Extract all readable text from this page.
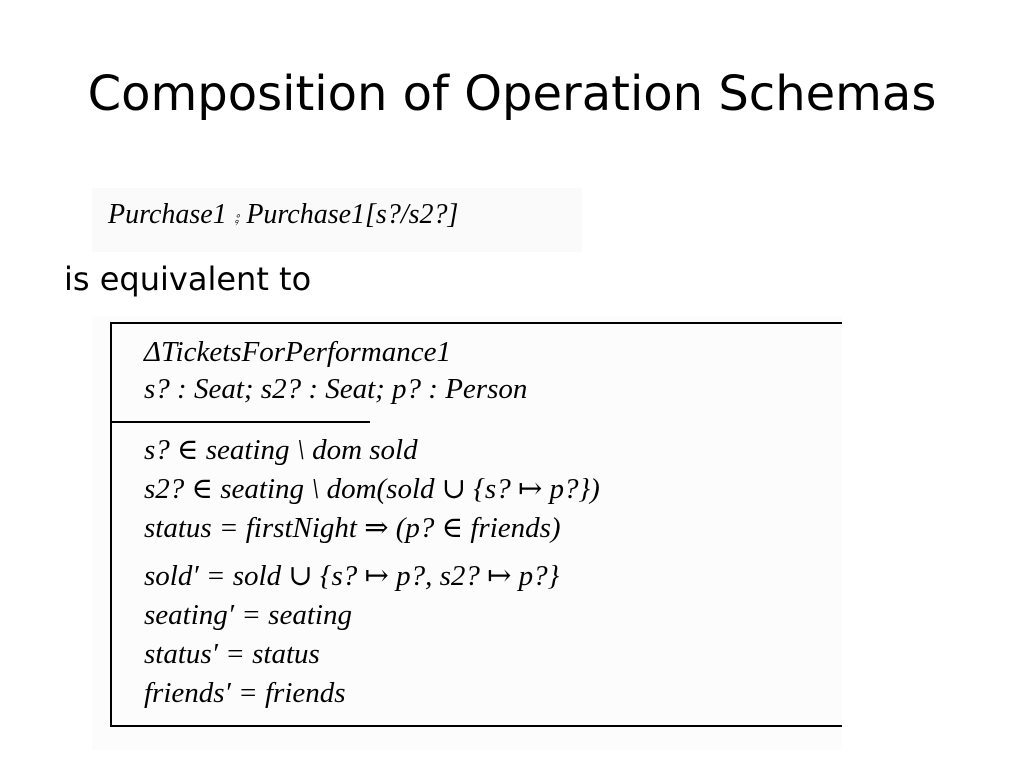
Composition of Operation Schemas
Purchase1 ⨾ Purchase1[s?/s2?]
is equivalent to
ΔTicketsForPerformance1
s? : Seat; s2? : Seat; p? : Person
s? ∈ seating \ dom sold
s2? ∈ seating \ dom(sold ∪ {s? ↦ p?})
status = firstNight ⇒ (p? ∈ friends)
sold′ = sold ∪ {s? ↦ p?, s2? ↦ p?}
seating′ = seating
status′ = status
friends′ = friends
